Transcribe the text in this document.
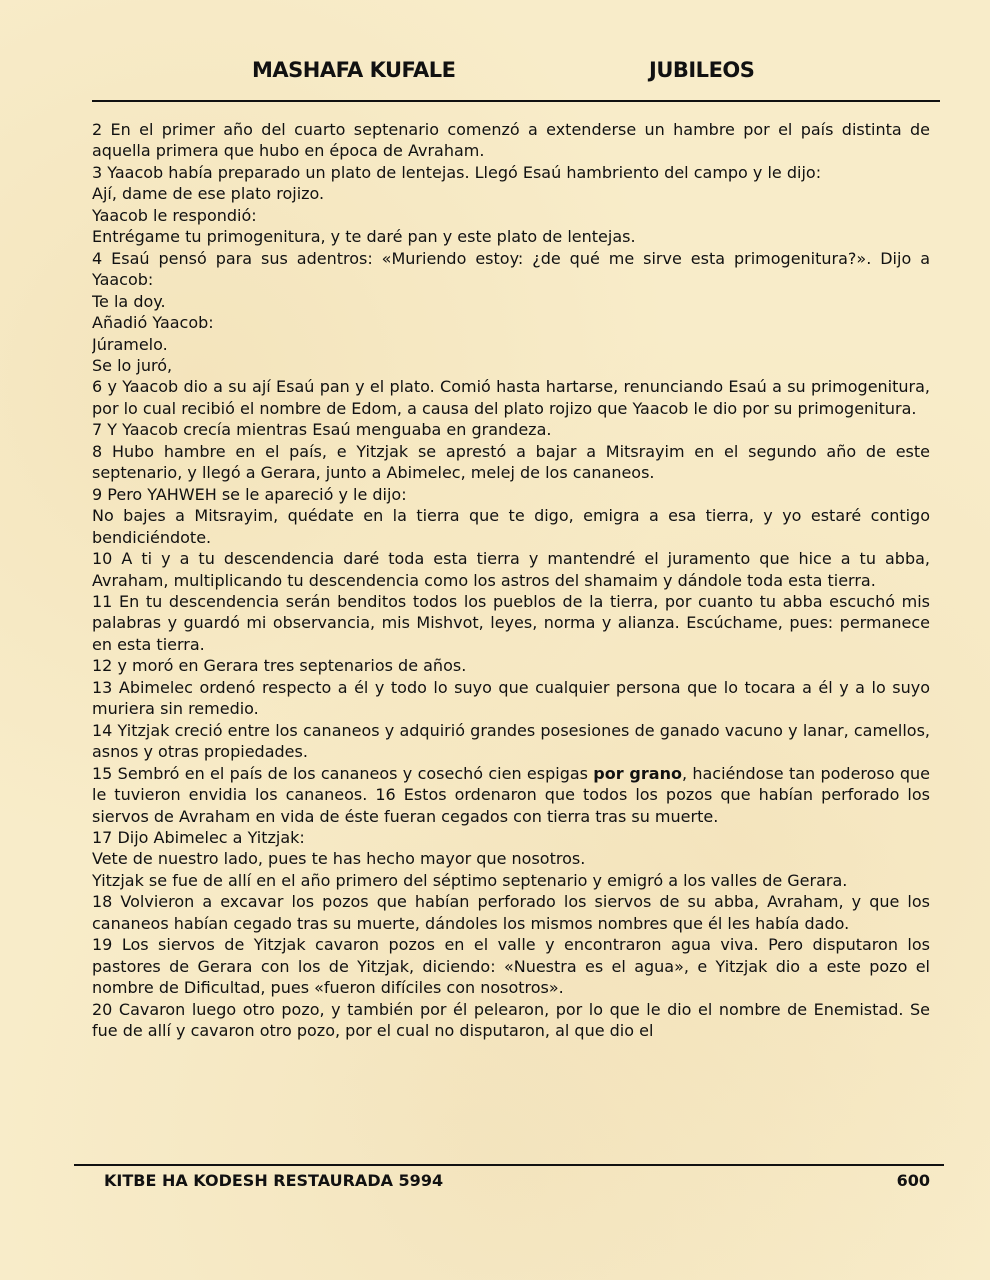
MASHAFA KUFALE	JUBILEOS

2 En el primer año del cuarto septenario comenzó a extenderse un hambre por el país distinta de aquella primera que hubo en época de Avraham.

3 Yaacob había preparado un plato de lentejas. Llegó Esaú hambriento del campo y le dijo:

Ají, dame de ese plato rojizo.

Yaacob le respondió:

Entrégame tu primogenitura, y te daré pan y este plato de lentejas.

4 Esaú pensó para sus adentros: «Muriendo estoy: ¿de qué me sirve esta primogenitura?». Dijo a Yaacob:

Te la doy.

Añadió Yaacob:

Júramelo.

Se lo juró,

6 y Yaacob dio a su ají Esaú pan y el plato. Comió hasta hartarse, renunciando Esaú a su primogenitura, por lo cual recibió el nombre de Edom, a causa del plato rojizo que Yaacob le dio por su primogenitura.

7 Y Yaacob crecía mientras Esaú menguaba en grandeza.

8 Hubo hambre en el país, e Yitzjak se aprestó a bajar a Mitsrayim en el segundo año de este septenario, y llegó a Gerara, junto a Abimelec, melej de los cananeos.

9 Pero YAHWEH se le apareció y le dijo:

No bajes a Mitsrayim, quédate en la tierra que te digo, emigra a esa tierra, y yo estaré contigo bendiciéndote.

10 A ti y a tu descendencia daré toda esta tierra y mantendré el juramento que hice a tu abba, Avraham, multiplicando tu descendencia como los astros del shamaim y dándole toda esta tierra.

11 En tu descendencia serán benditos todos los pueblos de la tierra, por cuanto tu abba escuchó mis palabras y guardó mi observancia, mis Mishvot, leyes, norma y alianza. Escúchame, pues: permanece en esta tierra.

12 y moró en Gerara tres septenarios de años.

13 Abimelec ordenó respecto a él y todo lo suyo que cualquier persona que lo tocara a él y a lo suyo muriera sin remedio.

14 Yitzjak creció entre los cananeos y adquirió grandes posesiones de ganado vacuno y lanar, camellos, asnos y otras propiedades.

15 Sembró en el país de los cananeos y cosechó cien espigas por grano, haciéndose tan poderoso que le tuvieron envidia los cananeos. 16 Estos ordenaron que todos los pozos que habían perforado los siervos de Avraham en vida de éste fueran cegados con tierra tras su muerte.

17 Dijo Abimelec a Yitzjak:

Vete de nuestro lado, pues te has hecho mayor que nosotros.

Yitzjak se fue de allí en el año primero del séptimo septenario y emigró a los valles de Gerara.

18 Volvieron a excavar los pozos que habían perforado los siervos de su abba, Avraham, y que los cananeos habían cegado tras su muerte, dándoles los mismos nombres que él les había dado.

19 Los siervos de Yitzjak cavaron pozos en el valle y encontraron agua viva. Pero disputaron los pastores de Gerara con los de Yitzjak, diciendo: «Nuestra es el agua», e Yitzjak dio a este pozo el nombre de Dificultad, pues «fueron difíciles con nosotros».

20 Cavaron luego otro pozo, y también por él pelearon, por lo que le dio el nombre de Enemistad. Se fue de allí y cavaron otro pozo, por el cual no disputaron, al que dio el

KITBE HA KODESH RESTAURADA 5994	600
